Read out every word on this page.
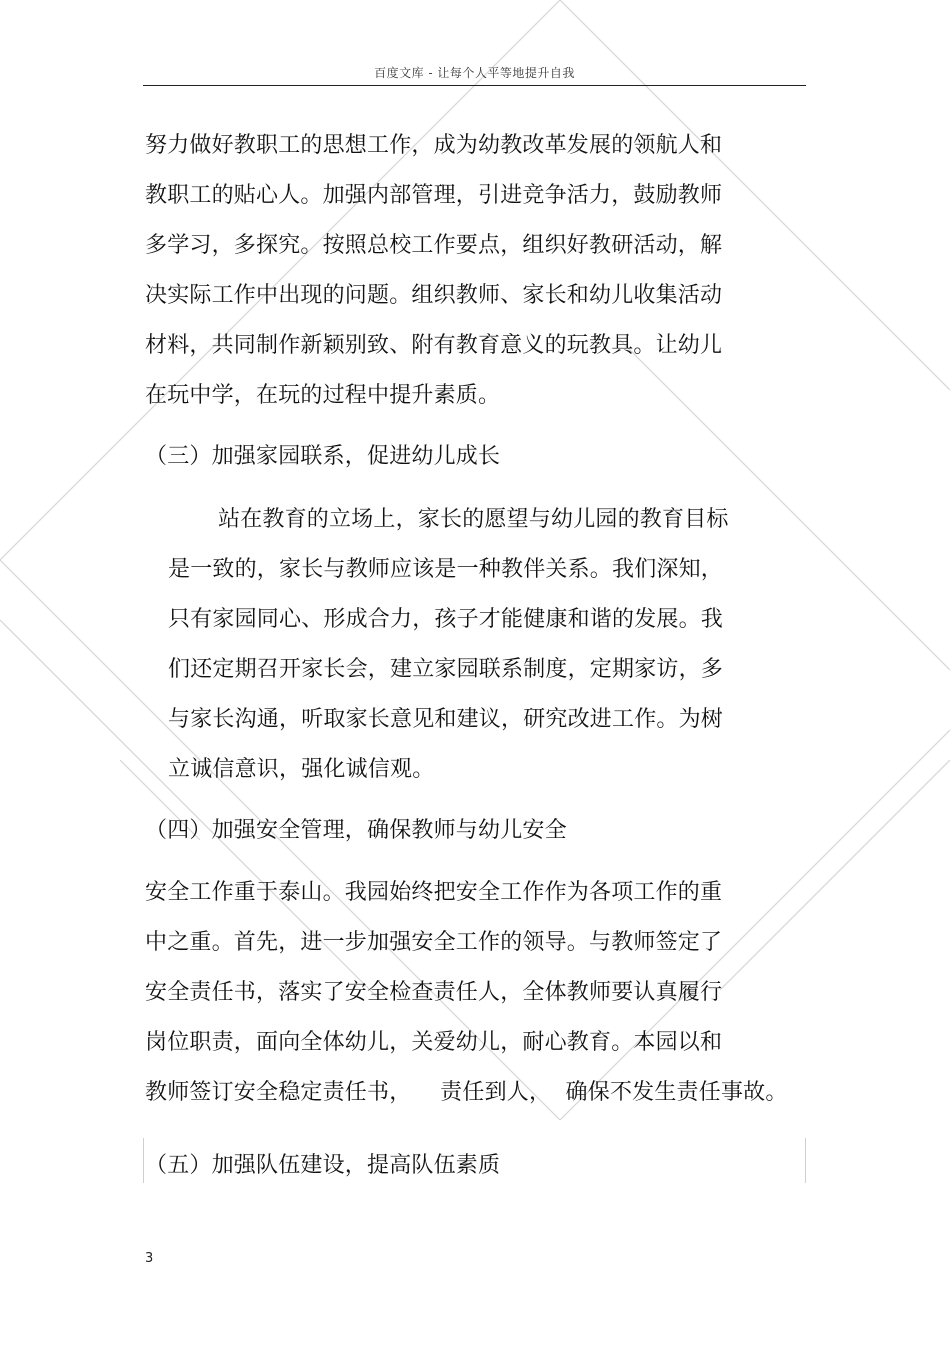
百度文库 - 让每个人平等地提升自我
努力做好教职工的思想工作，成为幼教改革发展的领航人和
教职工的贴心人。加强内部管理，引进竞争活力，鼓励教师
多学习，多探究。按照总校工作要点，组织好教研活动，解
决实际工作中出现的问题。组织教师、家长和幼儿收集活动
材料，共同制作新颖别致、附有教育意义的玩教具。让幼儿
在玩中学，在玩的过程中提升素质。
（三）加强家园联系，促进幼儿成长
站在教育的立场上，家长的愿望与幼儿园的教育目标
是一致的，家长与教师应该是一种教伴关系。我们深知，
只有家园同心、形成合力，孩子才能健康和谐的发展。我
们还定期召开家长会，建立家园联系制度，定期家访，多
与家长沟通，听取家长意见和建议，研究改进工作。为树
立诚信意识，强化诚信观。
（四）加强安全管理，确保教师与幼儿安全
安全工作重于泰山。我园始终把安全工作作为各项工作的重
中之重。首先，进一步加强安全工作的领导。与教师签定了
安全责任书，落实了安全检查责任人，全体教师要认真履行
岗位职责，面向全体幼儿，关爱幼儿，耐心教育。本园以和
教师签订安全稳定责任书，    责任到人，  确保不发生责任事故。
（五）加强队伍建设，提高队伍素质
3
